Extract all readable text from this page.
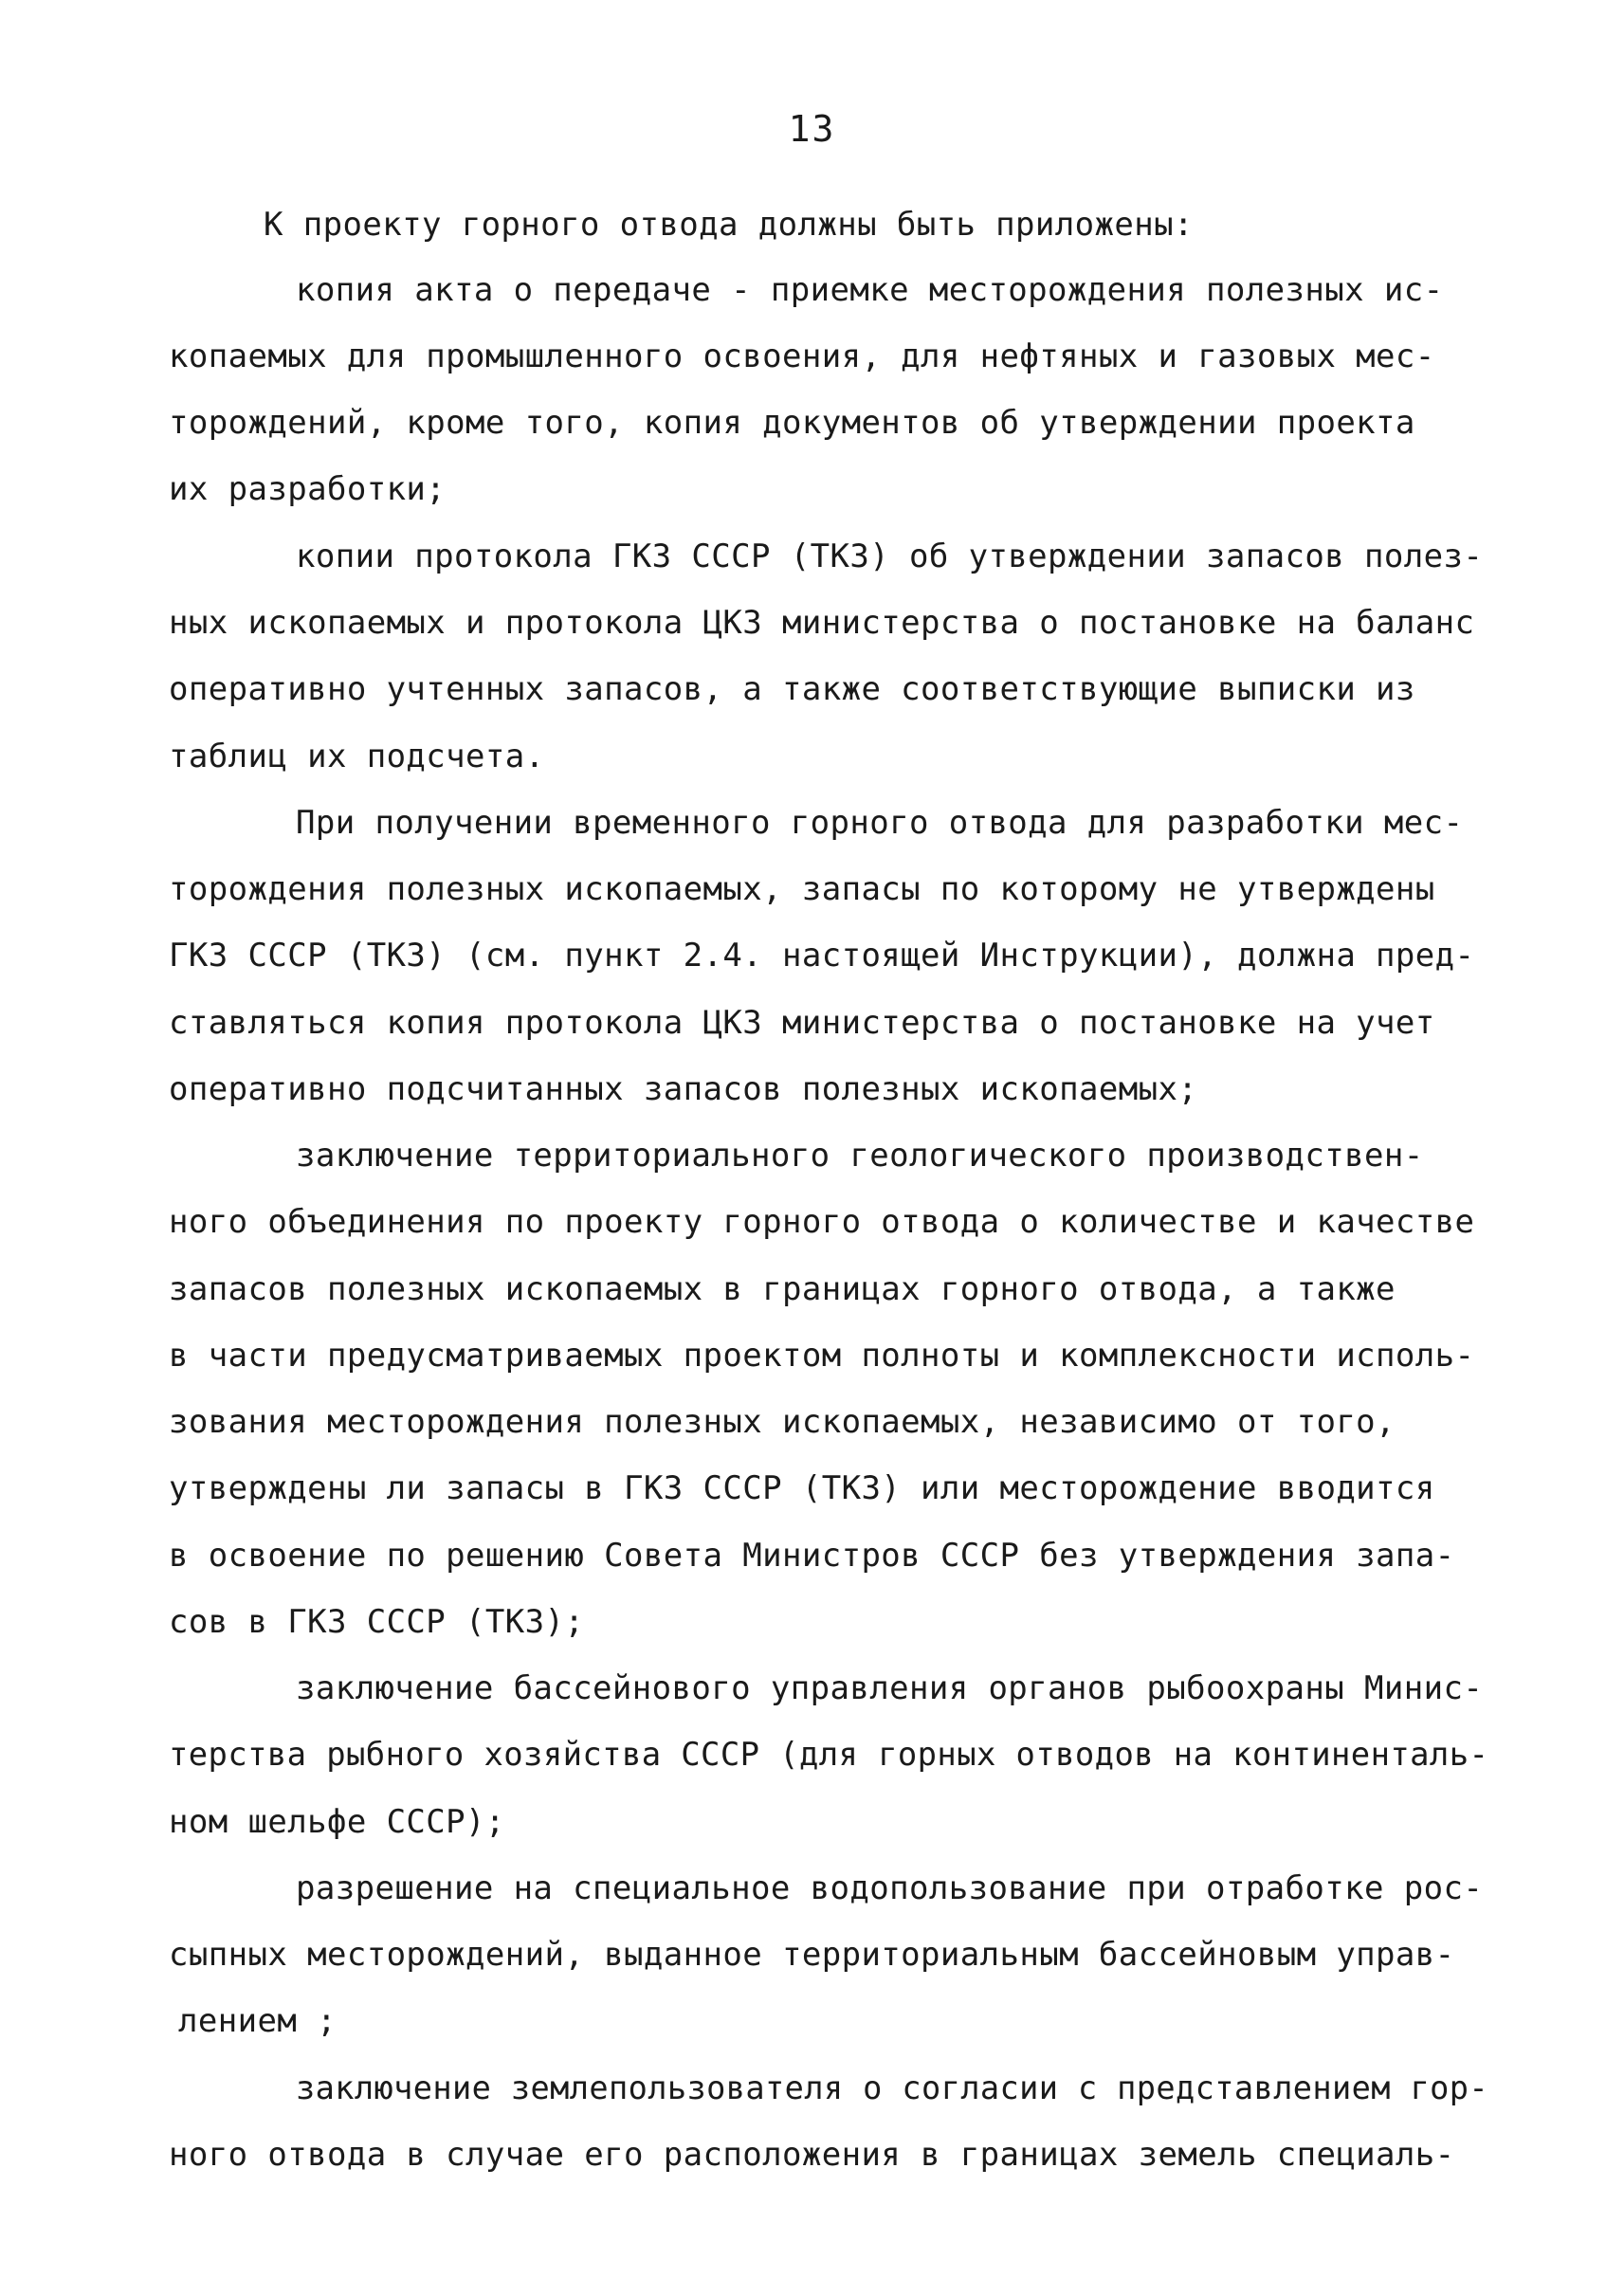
13
К проекту горного отвода должны быть приложены:
копия акта о передаче - приемке месторождения полезных ис-
копаемых для промышленного освоения, для нефтяных и газовых мес-
торождений, кроме того, копия документов об утверждении проекта
их разработки;
копии протокола ГКЗ СССР (ТКЗ) об утверждении запасов полез-
ных ископаемых и протокола ЦКЗ министерства о постановке на баланс
оперативно учтенных запасов, а также соответствующие выписки из
таблиц их подсчета.
При получении временного горного отвода для разработки мес-
торождения полезных ископаемых, запасы по которому не утверждены
ГКЗ СССР (ТКЗ) (см. пункт 2.4. настоящей Инструкции), должна пред-
ставляться копия протокола ЦКЗ министерства о постановке на учет
оперативно подсчитанных запасов полезных ископаемых;
заключение территориального геологического производствен-
ного объединения по проекту горного отвода о количестве и качестве
запасов полезных ископаемых в границах горного отвода, а также
в части предусматриваемых проектом полноты и комплексности исполь-
зования месторождения полезных ископаемых, независимо от того,
утверждены ли запасы в ГКЗ СССР (ТКЗ) или месторождение вводится
в освоение по решению Совета Министров СССР без утверждения запа-
сов в ГКЗ СССР (ТКЗ);
заключение бассейнового управления органов рыбоохраны Минис-
терства рыбного хозяйства СССР (для горных отводов на континенталь-
ном шельфе СССР);
разрешение на специальное водопользование при отработке рос-
сыпных месторождений, выданное территориальным бассейновым управ-
лением ;
заключение землепользователя о согласии с представлением гор-
ного отвода в случае его расположения в границах земель специаль-
